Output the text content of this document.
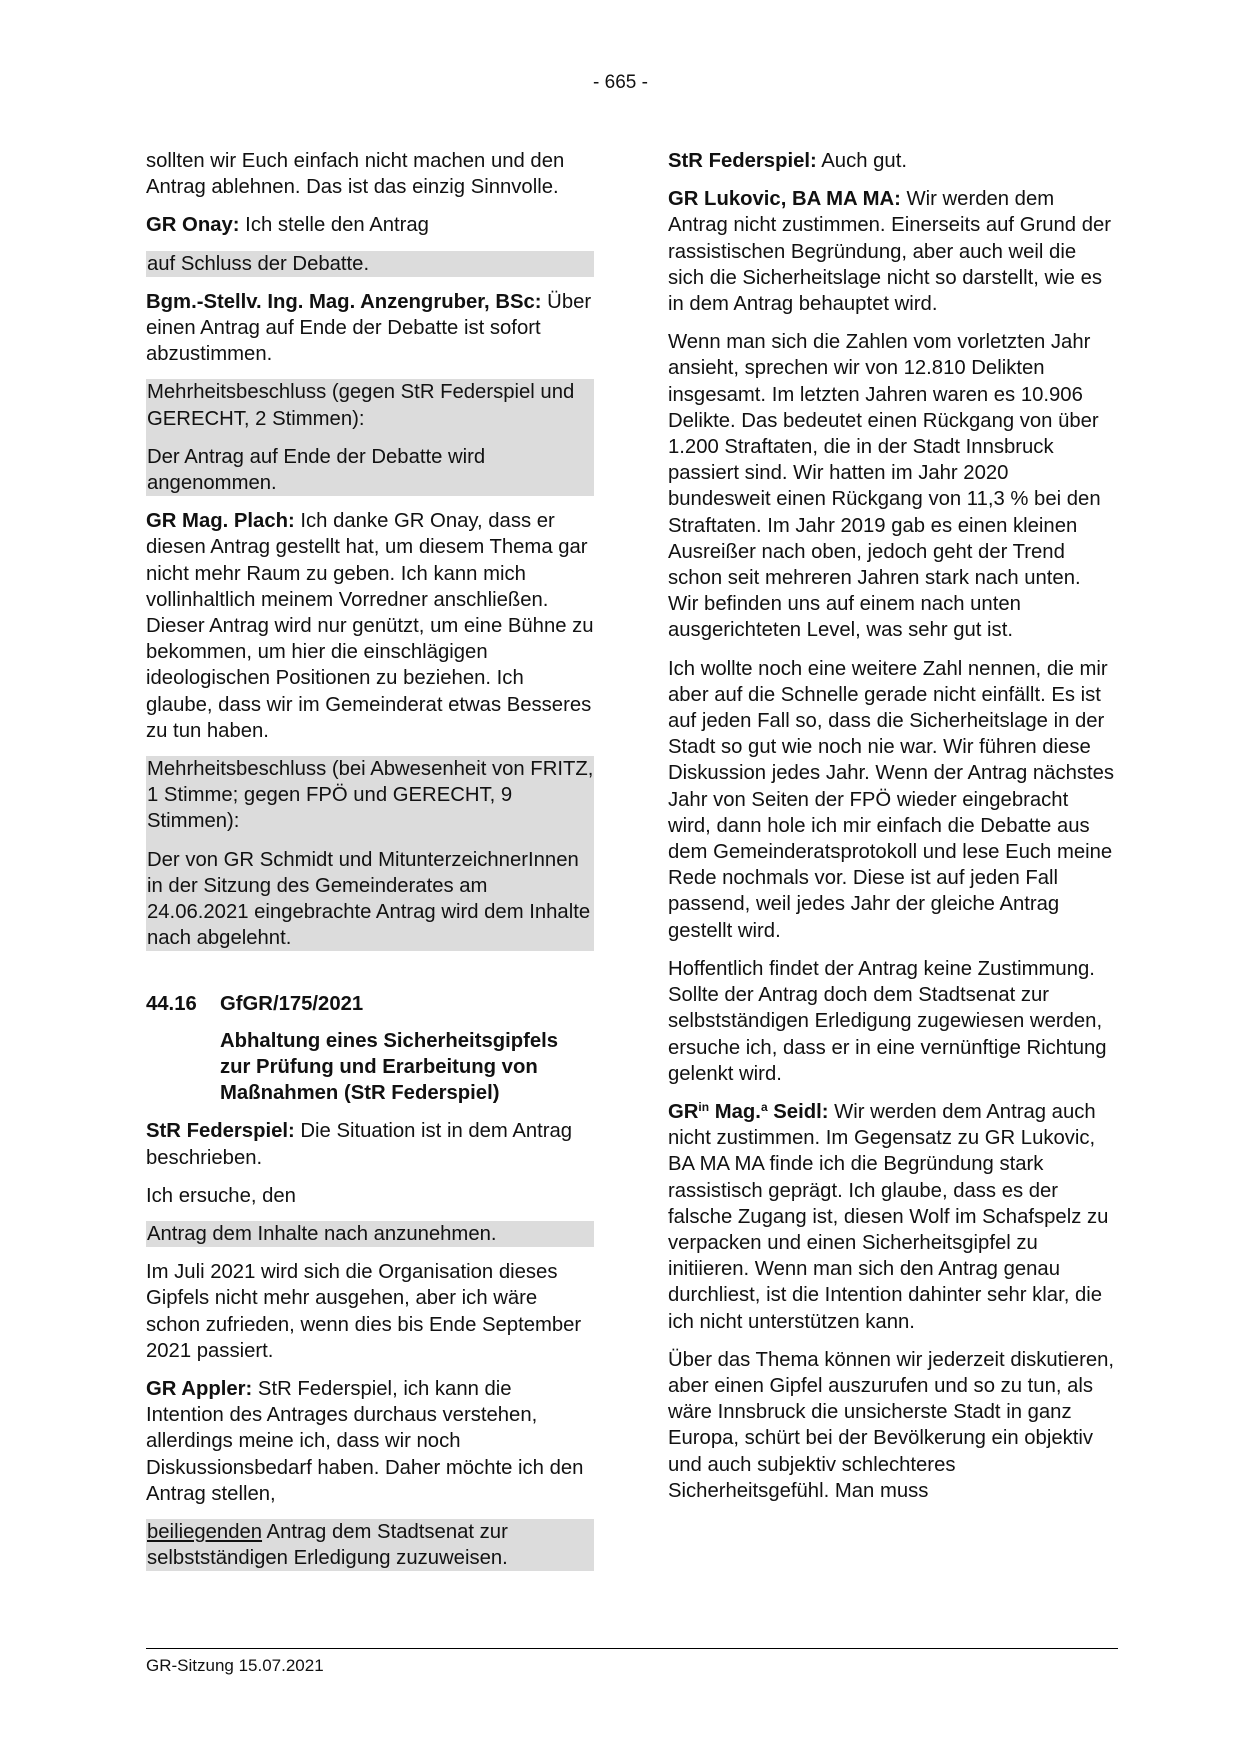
- 665 -

sollten wir Euch einfach nicht machen und den Antrag ablehnen. Das ist das einzig Sinnvolle.

GR Onay: Ich stelle den Antrag

auf Schluss der Debatte.

Bgm.-Stellv. Ing. Mag. Anzengruber, BSc: Über einen Antrag auf Ende der Debatte ist sofort abzustimmen.

Mehrheitsbeschluss (gegen StR Federspiel und GERECHT, 2 Stimmen):
Der Antrag auf Ende der Debatte wird angenommen.

GR Mag. Plach: Ich danke GR Onay, dass er diesen Antrag gestellt hat, um diesem Thema gar nicht mehr Raum zu geben. Ich kann mich vollinhaltlich meinem Vorredner anschließen. Dieser Antrag wird nur genützt, um eine Bühne zu bekommen, um hier die einschlägigen ideologischen Positionen zu beziehen. Ich glaube, dass wir im Gemeinderat etwas Besseres zu tun haben.

Mehrheitsbeschluss (bei Abwesenheit von FRITZ, 1 Stimme; gegen FPÖ und GERECHT, 9 Stimmen):
Der von GR Schmidt und MitunterzeichnerInnen in der Sitzung des Gemeinderates am 24.06.2021 eingebrachte Antrag wird dem Inhalte nach abgelehnt.
44.16 GfGR/175/2021
Abhaltung eines Sicherheitsgipfels zur Prüfung und Erarbeitung von Maßnahmen (StR Federspiel)

StR Federspiel: Die Situation ist in dem Antrag beschrieben.

Ich ersuche, den

Antrag dem Inhalte nach anzunehmen.

Im Juli 2021 wird sich die Organisation dieses Gipfels nicht mehr ausgehen, aber ich wäre schon zufrieden, wenn dies bis Ende September 2021 passiert.

GR Appler: StR Federspiel, ich kann die Intention des Antrages durchaus verstehen, allerdings meine ich, dass wir noch Diskussionsbedarf haben. Daher möchte ich den Antrag stellen,

beiliegenden Antrag dem Stadtsenat zur selbstständigen Erledigung zuzuweisen.

StR Federspiel: Auch gut.

GR Lukovic, BA MA MA: Wir werden dem Antrag nicht zustimmen. Einerseits auf Grund der rassistischen Begründung, aber auch weil die sich die Sicherheitslage nicht so darstellt, wie es in dem Antrag behauptet wird.

Wenn man sich die Zahlen vom vorletzten Jahr ansieht, sprechen wir von 12.810 Delikten insgesamt. Im letzten Jahren waren es 10.906 Delikte. Das bedeutet einen Rückgang von über 1.200 Straftaten, die in der Stadt Innsbruck passiert sind. Wir hatten im Jahr 2020 bundesweit einen Rückgang von 11,3 % bei den Straftaten. Im Jahr 2019 gab es einen kleinen Ausreißer nach oben, jedoch geht der Trend schon seit mehreren Jahren stark nach unten. Wir befinden uns auf einem nach unten ausgerichteten Level, was sehr gut ist.

Ich wollte noch eine weitere Zahl nennen, die mir aber auf die Schnelle gerade nicht einfällt. Es ist auf jeden Fall so, dass die Sicherheitslage in der Stadt so gut wie noch nie war. Wir führen diese Diskussion jedes Jahr. Wenn der Antrag nächstes Jahr von Seiten der FPÖ wieder eingebracht wird, dann hole ich mir einfach die Debatte aus dem Gemeinderatsprotokoll und lese Euch meine Rede nochmals vor. Diese ist auf jeden Fall passend, weil jedes Jahr der gleiche Antrag gestellt wird.

Hoffentlich findet der Antrag keine Zustimmung. Sollte der Antrag doch dem Stadtsenat zur selbstständigen Erledigung zugewiesen werden, ersuche ich, dass er in eine vernünftige Richtung gelenkt wird.

$GR^{in}$ Mag.$^a$ Seidl: Wir werden dem Antrag auch nicht zustimmen. Im Gegensatz zu GR Lukovic, BA MA MA finde ich die Begründung stark rassistisch geprägt. Ich glaube, dass es der falsche Zugang ist, diesen Wolf im Schafspelz zu verpacken und einen Sicherheitsgipfel zu initiieren. Wenn man sich den Antrag genau durchliest, ist die Intention dahinter sehr klar, die ich nicht unterstützen kann.

Über das Thema können wir jederzeit diskutieren, aber einen Gipfel auszurufen und so zu tun, als wäre Innsbruck die unsicherste Stadt in ganz Europa, schürt bei der Bevölkerung ein objektiv und auch subjektiv schlechteres Sicherheitsgefühl. Man muss

GR-Sitzung 15.07.2021
